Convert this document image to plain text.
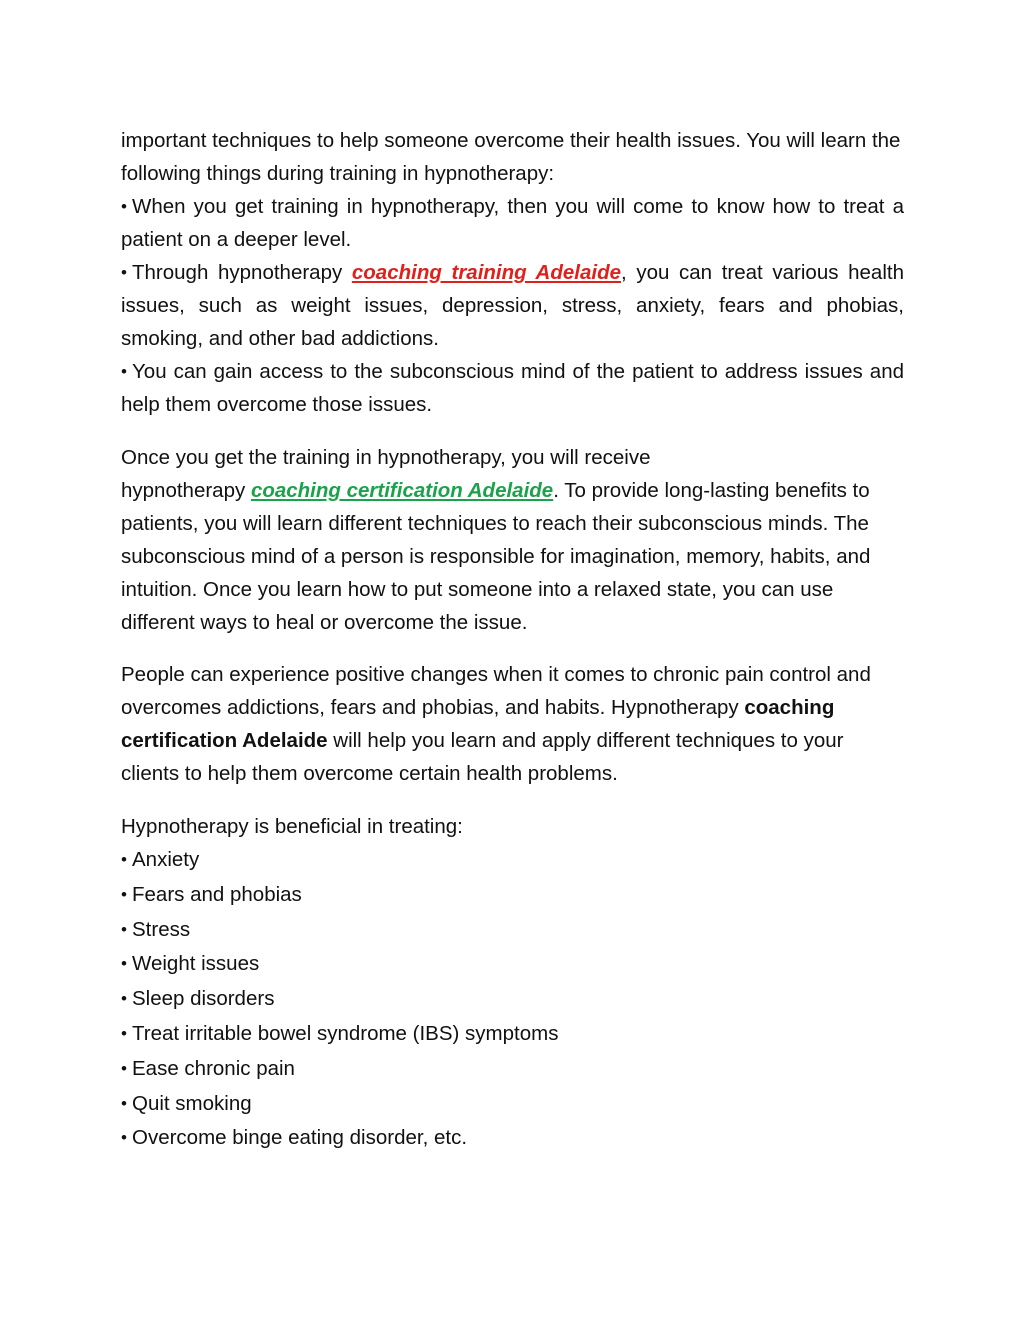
important techniques to help someone overcome their health issues. You will learn the following things during training in hypnotherapy:

• When you get training in hypnotherapy, then you will come to know how to treat a patient on a deeper level.
• Through hypnotherapy coaching training Adelaide, you can treat various health issues, such as weight issues, depression, stress, anxiety, fears and phobias, smoking, and other bad addictions.
• You can gain access to the subconscious mind of the patient to address issues and help them overcome those issues.

Once you get the training in hypnotherapy, you will receive
hypnotherapy coaching certification Adelaide. To provide long-lasting benefits to patients, you will learn different techniques to reach their subconscious minds. The subconscious mind of a person is responsible for imagination, memory, habits, and intuition. Once you learn how to put someone into a relaxed state, you can use different ways to heal or overcome the issue.

People can experience positive changes when it comes to chronic pain control and overcomes addictions, fears and phobias, and habits. Hypnotherapy coaching certification Adelaide will help you learn and apply different techniques to your clients to help them overcome certain health problems.

Hypnotherapy is beneficial in treating:

• Anxiety
• Fears and phobias
• Stress
• Weight issues
• Sleep disorders
• Treat irritable bowel syndrome (IBS) symptoms
• Ease chronic pain
• Quit smoking
• Overcome binge eating disorder, etc.
